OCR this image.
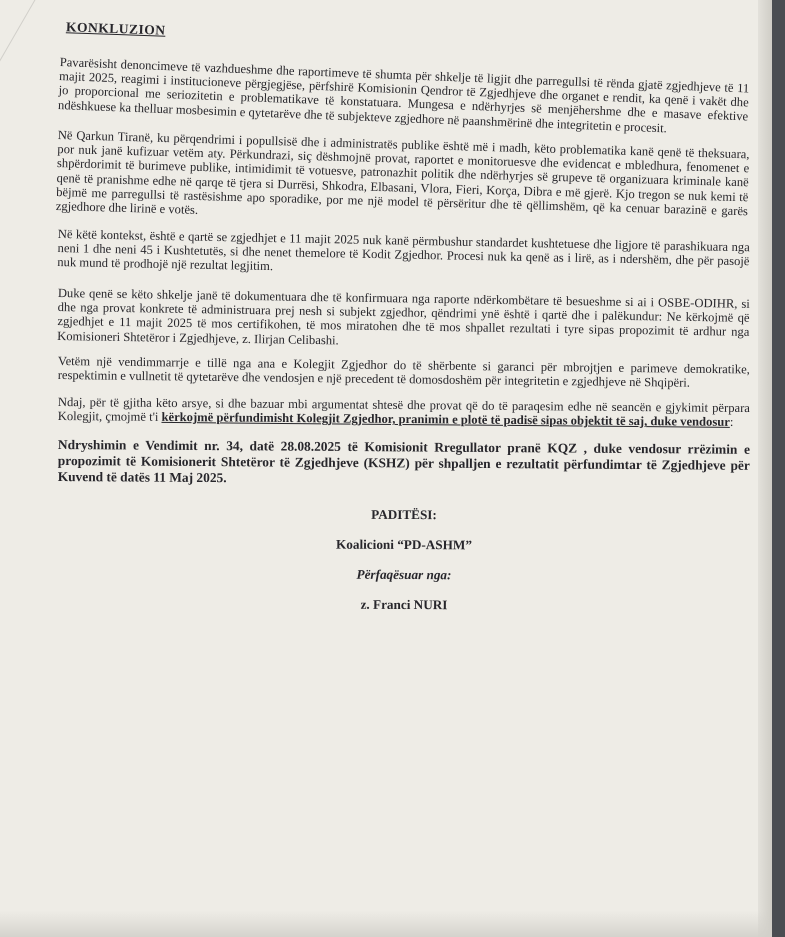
KONKLUZION

Pavarësisht denoncimeve të vazhdueshme dhe raportimeve të shumta për shkelje të ligjit dhe parregullsi të rënda gjatë zgjedhjeve të 11 majit 2025, reagimi i institucioneve përgjegjëse, përfshirë Komisionin Qendror të Zgjedhjeve dhe organet e rendit, ka qenë i vakët dhe jo proporcional me seriozitetin e problematikave të konstatuara. Mungesa e ndërhyrjes së menjëhershme dhe e masave efektive ndëshkuese ka thelluar mosbesimin e qytetarëve dhe të subjekteve zgjedhore në paanshmërinë dhe integritetin e procesit.

Në Qarkun Tiranë, ku përqendrimi i popullsisë dhe i administratës publike është më i madh, këto problematika kanë qenë të theksuara, por nuk janë kufizuar vetëm aty. Përkundrazi, siç dëshmojnë provat, raportet e monitoruesve dhe evidencat e mbledhura, fenomenet e shpërdorimit të burimeve publike, intimidimit të votuesve, patronazhit politik dhe ndërhyrjes së grupeve të organizuara kriminale kanë qenë të pranishme edhe në qarqe të tjera si Durrësi, Shkodra, Elbasani, Vlora, Fieri, Korça, Dibra e më gjerë. Kjo tregon se nuk kemi të bëjmë me parregullsi të rastësishme apo sporadike, por me një model të përsëritur dhe të qëllimshëm, që ka cenuar barazinë e garës zgjedhore dhe lirinë e votës.

Në këtë kontekst, është e qartë se zgjedhjet e 11 majit 2025 nuk kanë përmbushur standardet kushtetuese dhe ligjore të parashikuara nga neni 1 dhe neni 45 i Kushtetutës, si dhe nenet themelore të Kodit Zgjedhor. Procesi nuk ka qenë as i lirë, as i ndershëm, dhe për pasojë nuk mund të prodhojë një rezultat legjitim.

Duke qenë se këto shkelje janë të dokumentuara dhe të konfirmuara nga raporte ndërkombëtare të besueshme si ai i OSBE-ODIHR, si dhe nga provat konkrete të administruara prej nesh si subjekt zgjedhor, qëndrimi ynë është i qartë dhe i palëkundur: Ne kërkojmë që zgjedhjet e 11 majit 2025 të mos certifikohen, të mos miratohen dhe të mos shpallet rezultati i tyre sipas propozimit të ardhur nga Komisioneri Shtetëror i Zgjedhjeve, z. Ilirjan Celibashi.

Vetëm një vendimmarrje e tillë nga ana e Kolegjit Zgjedhor do të shërbente si garanci për mbrojtjen e parimeve demokratike, respektimin e vullnetit të qytetarëve dhe vendosjen e një precedent të domosdoshëm për integritetin e zgjedhjeve në Shqipëri.

Ndaj, për të gjitha këto arsye, si dhe bazuar mbi argumentat shtesë dhe provat që do të paraqesim edhe në seancën e gjykimit përpara Kolegjit, çmojmë t'i kërkojmë përfundimisht Kolegjit Zgjedhor, pranimin e plotë të padisë sipas objektit të saj, duke vendosur:

Ndryshimin e Vendimit nr. 34, datë 28.08.2025 të Komisionit Rregullator pranë KQZ , duke vendosur rrëzimin e propozimit të Komisionerit Shtetëror të Zgjedhjeve (KSHZ) për shpalljen e rezultatit përfundimtar të Zgjedhjeve për Kuvend të datës 11 Maj 2025.

PADITËSI:
Koalicioni “PD-ASHM”
Përfaqësuar nga:
z. Franci NURI
